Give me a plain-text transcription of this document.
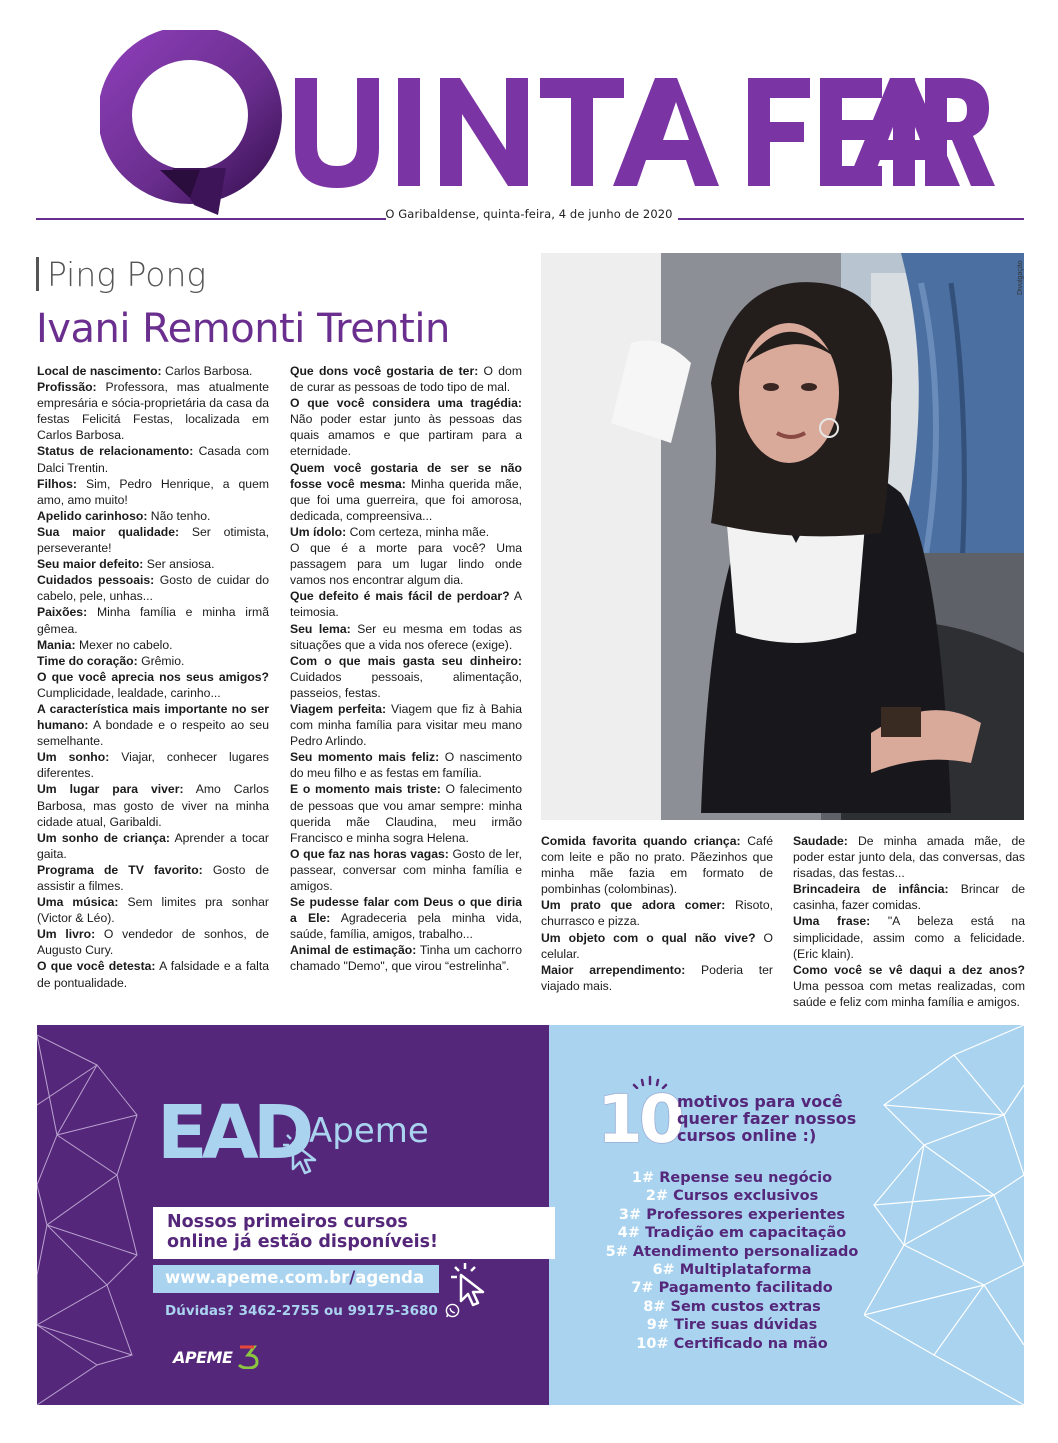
O Garibaldense, quinta-feira, 4 de junho de 2020
Ping Pong
Ivani Remonti Trentin

Local de nascimento: Carlos Barbosa.

Profissão: Professora, mas atualmente empresária e sócia-proprietária da casa da festas Felicitá Festas, localizada em Carlos Barbosa.

Status de relacionamento: Casada com Dalci Trentin.

Filhos: Sim, Pedro Henrique, a quem amo, amo muito!

Apelido carinhoso: Não tenho.

Sua maior qualidade: Ser otimista, perseverante!

Seu maior defeito: Ser ansiosa.

Cuidados pessoais: Gosto de cuidar do cabelo, pele, unhas...

Paixões: Minha família e minha irmã gêmea.

Mania: Mexer no cabelo.

Time do coração: Grêmio.

O que você aprecia nos seus amigos? Cumplicidade, lealdade, carinho...

A característica mais importante no ser humano: A bondade e o respeito ao seu semelhante.

Um sonho: Viajar, conhecer lugares diferentes.

Um lugar para viver: Amo Carlos Barbosa, mas gosto de viver na minha cidade atual, Garibaldi.

Um sonho de criança: Aprender a tocar gaita.

Programa de TV favorito: Gosto de assistir a filmes.

Uma música: Sem limites pra sonhar (Victor & Léo).

Um livro: O vendedor de sonhos, de Augusto Cury.

O que você detesta: A falsidade e a falta de pontualidade.

Que dons você gostaria de ter: O dom de curar as pessoas de todo tipo de mal.

O que você considera uma tragédia: Não poder estar junto às pessoas das quais amamos e que partiram para a eternidade.

Quem você gostaria de ser se não fosse você mesma: Minha querida mãe, que foi uma guerreira, que foi amorosa, dedicada, compreensiva...

Um ídolo: Com certeza, minha mãe.

O que é a morte para você? Uma passagem para um lugar lindo onde vamos nos encontrar algum dia.

Que defeito é mais fácil de perdoar? A teimosia.

Seu lema: Ser eu mesma em todas as situações que a vida nos oferece (exige).

Com o que mais gasta seu dinheiro: Cuidados pessoais, alimentação, passeios, festas.

Viagem perfeita: Viagem que fiz à Bahia com minha família para visitar meu mano Pedro Arlindo.

Seu momento mais feliz: O nascimento do meu filho e as festas em família.

E o momento mais triste: O falecimento de pessoas que vou amar sempre: minha querida mãe Claudina, meu irmão Francisco e minha sogra Helena.

O que faz nas horas vagas: Gosto de ler, passear, conversar com minha família e amigos.

Se pudesse falar com Deus o que diria a Ele: Agradeceria pela minha vida, saúde, família, amigos, trabalho...

Animal de estimação: Tinha um cachorro chamado "Demo", que virou “estrelinha”.

Comida favorita quando criança: Café com leite e pão no prato. Pãezinhos que minha mãe fazia em formato de pombinhas (colombinas).

Um prato que adora comer: Risoto, churrasco e pizza.

Um objeto com o qual não vive? O celular.

Maior arrependimento: Poderia ter viajado mais.

Saudade: De minha amada mãe, de poder estar junto dela, das conversas, das risadas, das festas...

Brincadeira de infância: Brincar de casinha, fazer comidas.

Uma frase: "A beleza está na simplicidade, assim como a felicidade. (Eric klain).

Como você se vê daqui a dez anos? Uma pessoa com metas realizadas, com saúde e feliz com minha família e amigos.

Divulgação
EAD Apeme
Nossos primeiros cursos
online já estão disponíveis!
www.apeme.com.br/agenda
Dúvidas? 3462-2755 ou 99175-3680
APEME
10
motivos para você querer fazer nossos cursos online :)
1# Repense seu negócio
2# Cursos exclusivos
3# Professores experientes
4# Tradição em capacitação
5# Atendimento personalizado
6# Multiplataforma
7# Pagamento facilitado
8# Sem custos extras
9# Tire suas dúvidas
10# Certificado na mão
